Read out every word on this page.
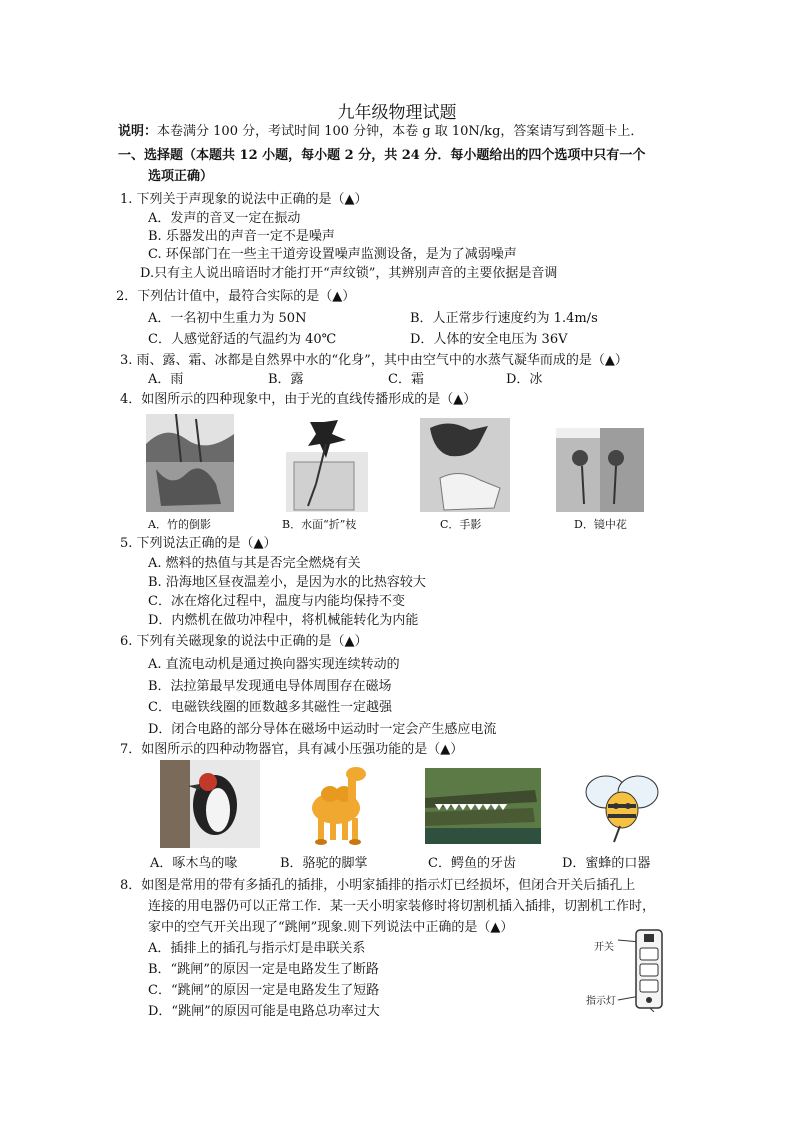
九年级物理试题
说明：本卷满分 100 分，考试时间 100 分钟，本卷 g 取 10N/kg，答案请写到答题卡上．
一、选择题（本题共 12 小题，每小题 2 分，共 24 分．每小题给出的四个选项中只有一个
选项正确）
1. 下列关于声现象的说法中正确的是（▲）
A．发声的音叉一定在振动
B. 乐器发出的声音一定不是噪声
C. 环保部门在一些主干道旁设置噪声监测设备，是为了减弱噪声
D.只有主人说出暗语时才能打开“声纹锁”，其辨别声音的主要依据是音调
2．下列估计值中，最符合实际的是（▲）
A．一名初中生重力为 50N	B．人正常步行速度约为 1.4m/s
C．人感觉舒适的气温约为 40℃	D．人体的安全电压为 36V
3. 雨、露、霜、冰都是自然界中水的“化身”，其中由空气中的水蒸气凝华而成的是（▲）
A．雨	B．露	C．霜	D．冰
4．如图所示的四种现象中，由于光的直线传播形成的是（▲）
A．竹的倒影	B．水面“折”枝	C．手影	D．镜中花
5. 下列说法正确的是（▲）
A. 燃料的热值与其是否完全燃烧有关
B. 沿海地区昼夜温差小，是因为水的比热容较大
C．冰在熔化过程中，温度与内能均保持不变
D．内燃机在做功冲程中，将机械能转化为内能
6. 下列有关磁现象的说法中正确的是（▲）
A. 直流电动机是通过换向器实现连续转动的
B．法拉第最早发现通电导体周围存在磁场
C．电磁铁线圈的匝数越多其磁性一定越强
D．闭合电路的部分导体在磁场中运动时一定会产生感应电流
7．如图所示的四种动物器官，具有减小压强功能的是（▲）
A．啄木鸟的喙	B．骆驼的脚掌	C．鳄鱼的牙齿	D．蜜蜂的口器
8．如图是常用的带有多插孔的插排，小明家插排的指示灯已经损坏，但闭合开关后插孔上
连接的用电器仍可以正常工作．某一天小明家装修时将切割机插入插排，切割机工作时，
家中的空气开关出现了“跳闸”现象.则下列说法中正确的是（▲）
A．插排上的插孔与指示灯是串联关系
B．“跳闸”的原因一定是电路发生了断路
C．“跳闸”的原因一定是电路发生了短路
D．“跳闸”的原因可能是电路总功率过大
开关
指示灯
